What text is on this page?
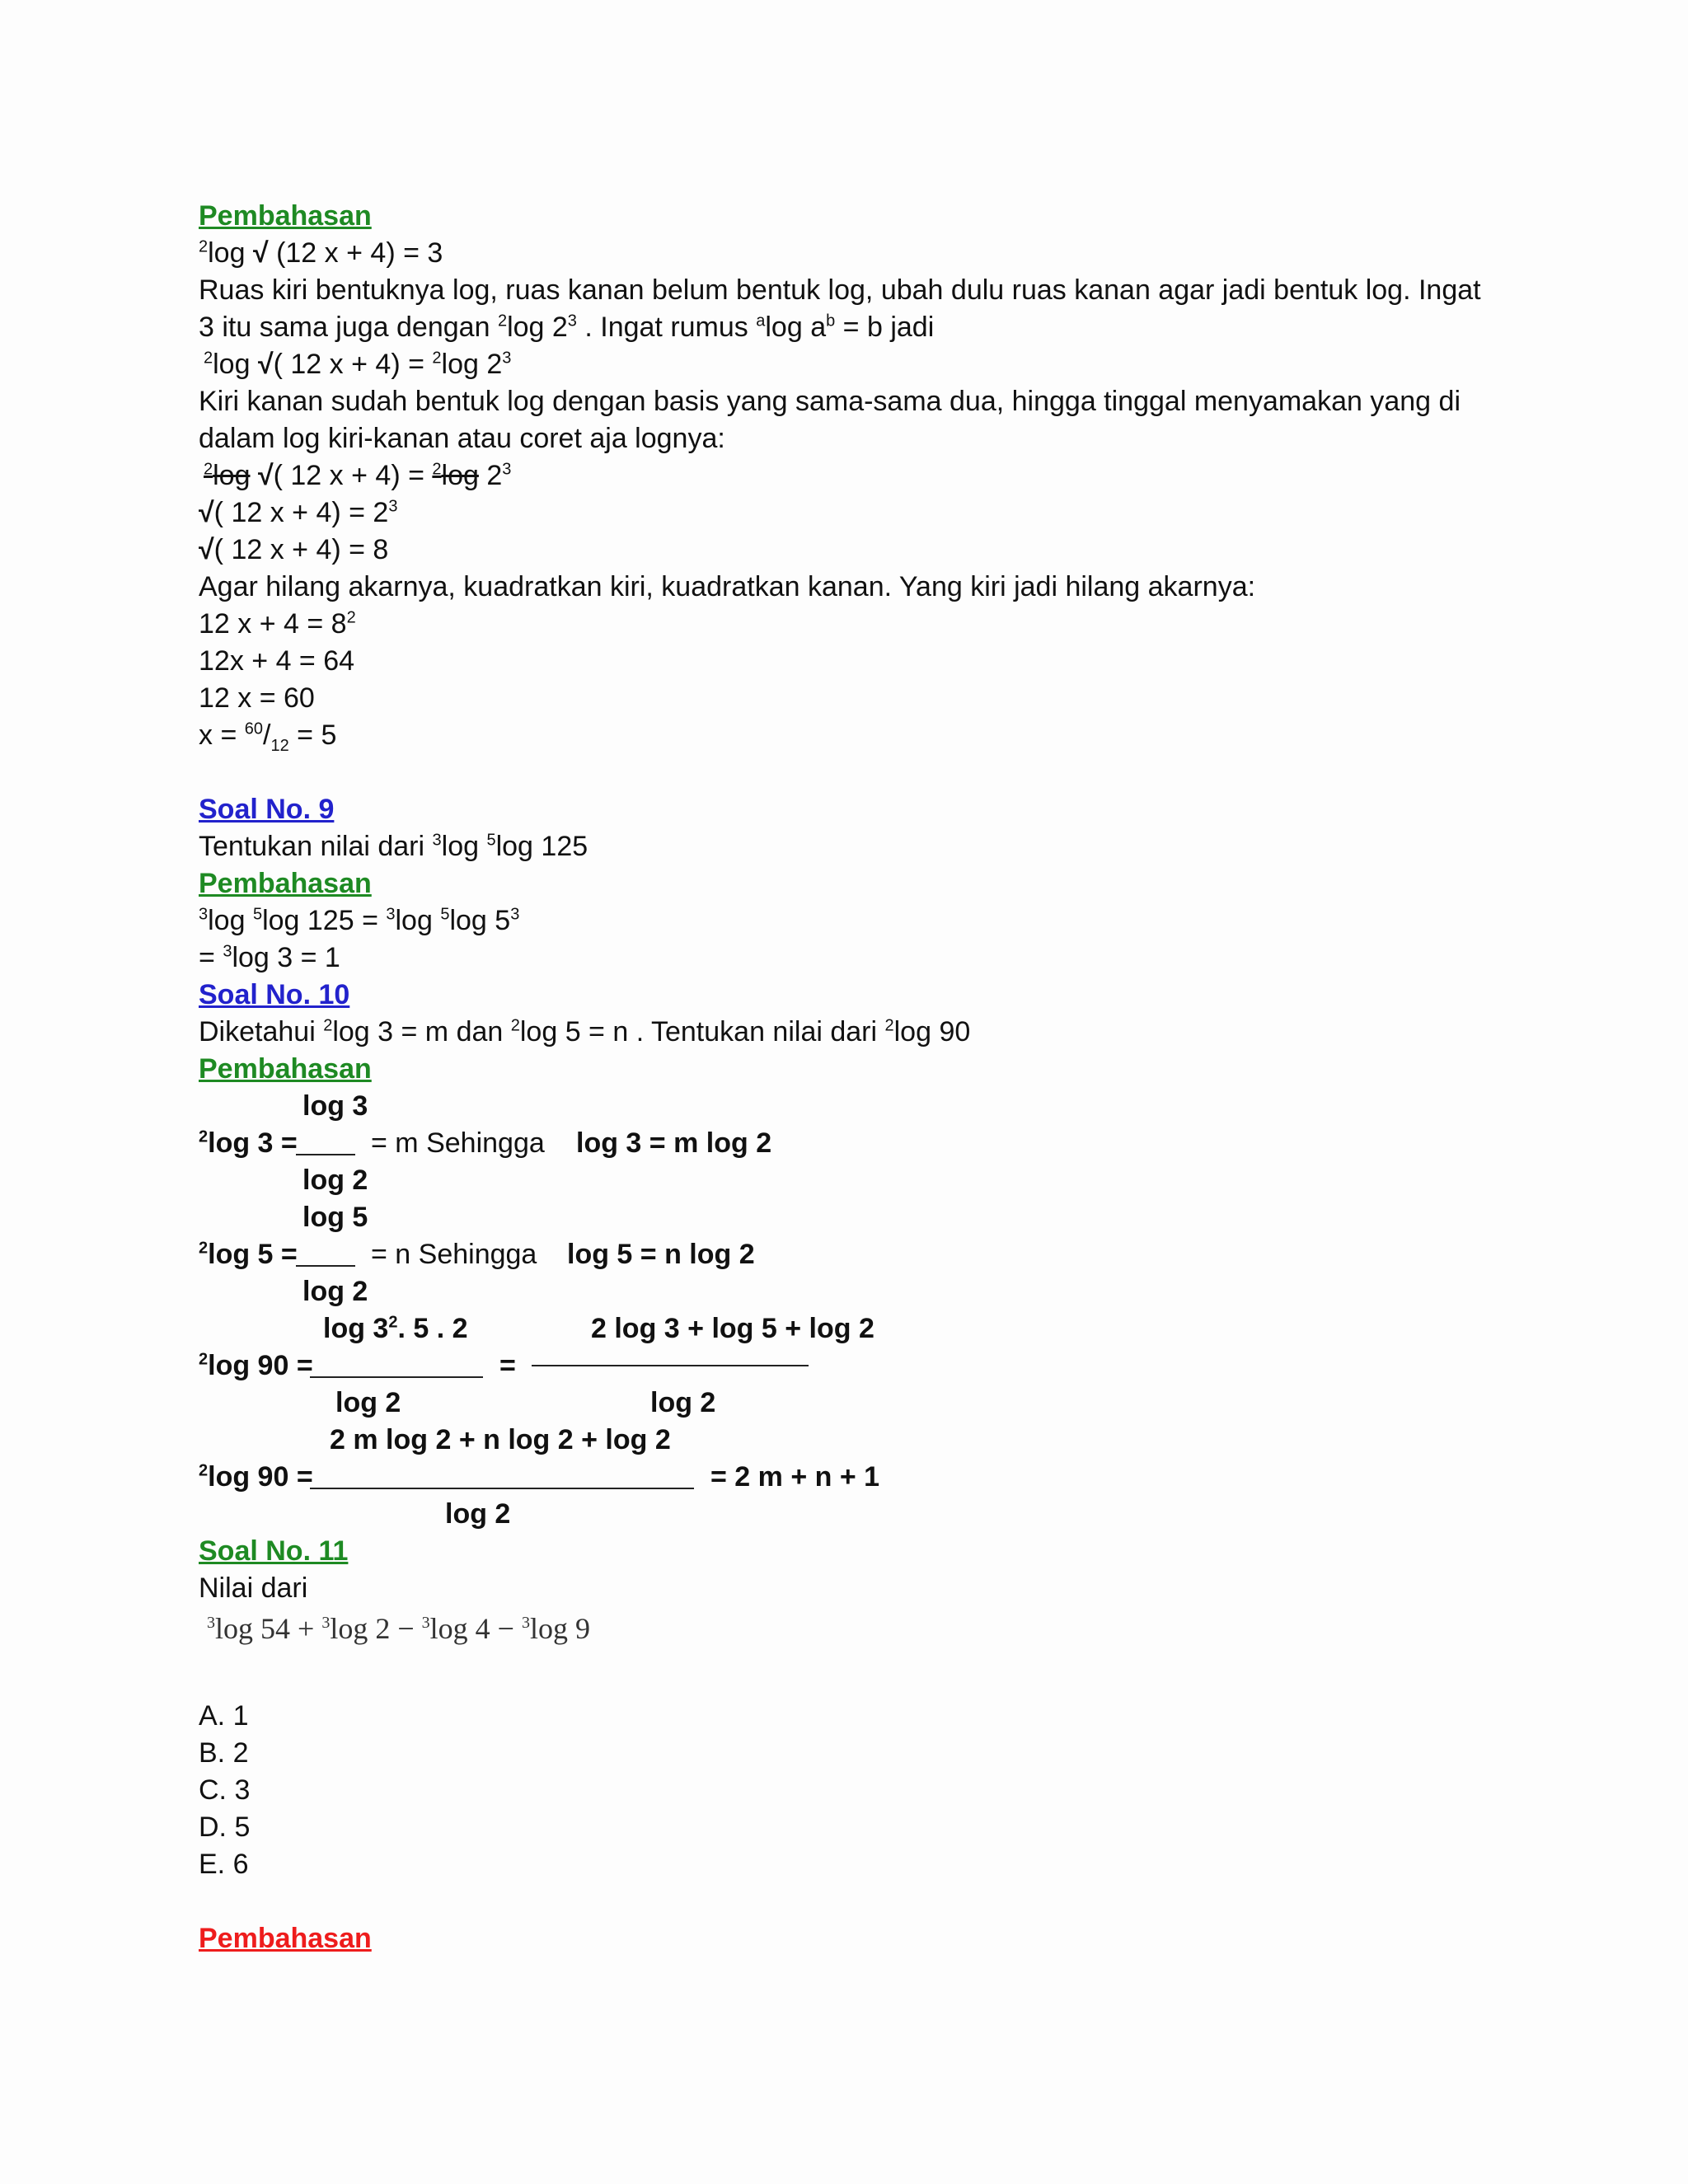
Pembahasan
$^2$log √ (12 x + 4) = 3
Ruas kiri bentuknya log, ruas kanan belum bentuk log, ubah dulu ruas kanan agar jadi bentuk log. Ingat
3 itu sama juga dengan $^2$log $2^3$ . Ingat rumus $^a$log $a^b = b$ jadi
$^2$log √( 12 x + 4) = $^2$log $2^3$
Kiri kanan sudah bentuk log dengan basis yang sama-sama dua, hingga tinggal menyamakan yang di
dalam log kiri-kanan atau coret aja lognya:
$^2$log √( 12 x + 4) = $^2$log $2^3$
√( 12 $x + 4) = 2^3$
√( 12 x + 4) = 8
Agar hilang akarnya, kuadratkan kiri, kuadratkan kanan. Yang kiri jadi hilang akarnya:
12 $x + 4 = 8^2$
12x + 4 = 64
12 x = 60
$x = ^{60}/_{12} = 5$
Soal No. 9
Tentukan nilai dari $^3$log $^5$log 125
Pembahasan
$^3$log $^5$log 125 = $^3$log $^5$log $5^3$
= $^3$log 3 = 1
Soal No. 10
Diketahui $^2$log 3 = m dan $^2$log 5 = n . Tentukan nilai dari $^2$log 90
Pembahasan
log 3
$^2$log 3 =	= m Sehingga log 3 = m log 2
log 2
log 5
$^2$log 5 =	= n Sehingga log 5 = n log 2
log 2
$\log 3^2$. 5 . 2	2 log 3 + log 5 + log 2
$^2$log 90 =	=
log 2	log 2
2 m log 2 + n log 2 + log 2
$^2$log 90 =	= 2 m + n + 1
log 2
Soal No. 11
Nilai dari
$^3$log 54 + $^3$log 2 − $^3$log 4 − $^3$log 9
A. 1
B. 2
C. 3
D. 5
E. 6
Pembahasan
